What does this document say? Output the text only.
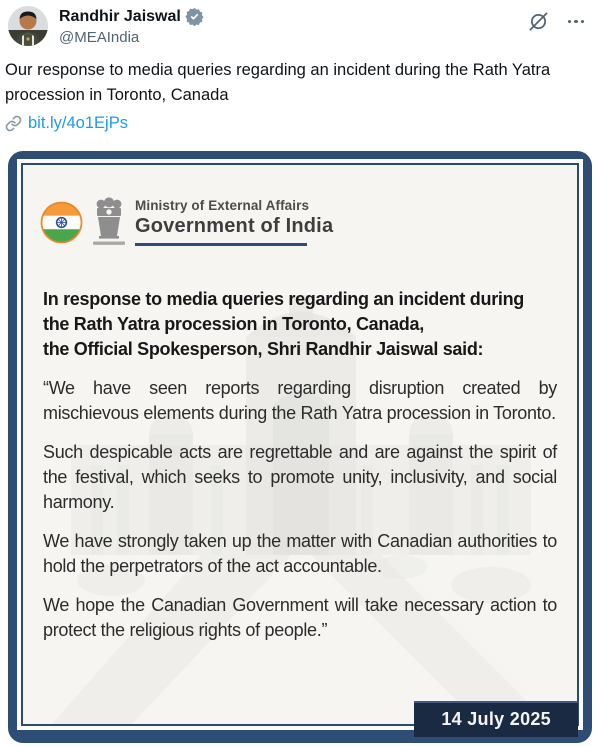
Randhir Jaiswal
@MEAIndia
Our response to media queries regarding an incident during the Rath Yatra procession in Toronto, Canada
bit.ly/4o1EjPs
Ministry of External Affairs
Government of India
In response to media queries regarding an incident during
the Rath Yatra procession in Toronto, Canada,
the Official Spokesperson, Shri Randhir Jaiswal said:

“We have seen reports regarding disruption created by mischievous elements during the Rath Yatra procession in Toronto.

Such despicable acts are regrettable and are against the spirit of the festival, which seeks to promote unity, inclusivity, and social harmony.

We have strongly taken up the matter with Canadian authorities to hold the perpetrators of the act accountable.

We hope the Canadian Government will take necessary action to protect the religious rights of people.”

14 July 2025
